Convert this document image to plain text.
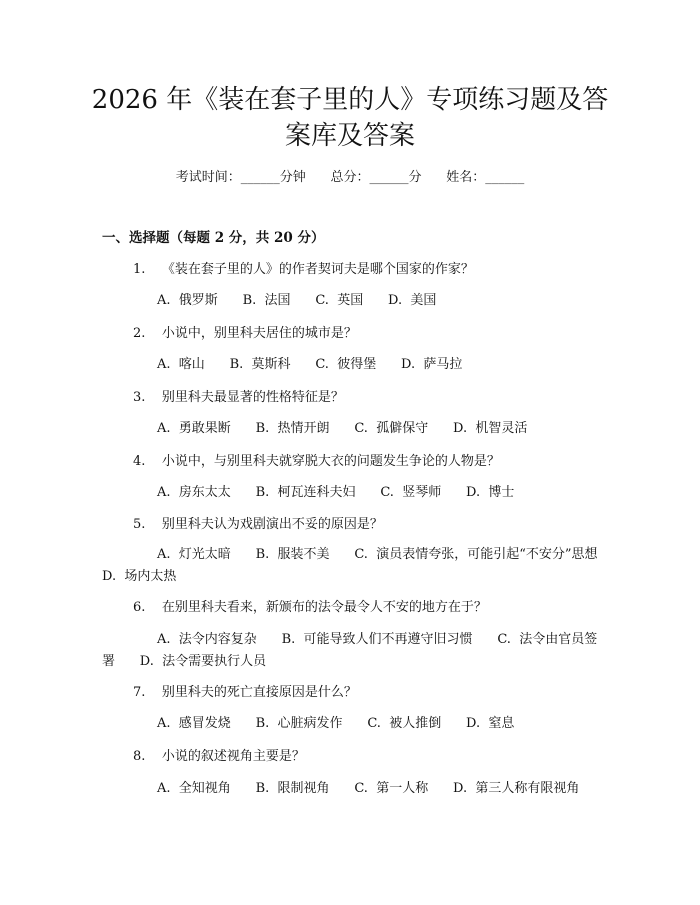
2026 年《装在套子里的人》专项练习题及答
案库及答案
考试时间：______分钟      总分：______分      姓名：______
一、选择题（每题 2 分，共 20 分）
1.    《装在套子里的人》的作者契诃夫是哪个国家的作家？
A.  俄罗斯      B.  法国      C.  英国      D.  美国
2.    小说中，别里科夫居住的城市是？
A.  喀山      B.  莫斯科      C.  彼得堡      D.  萨马拉
3.    别里科夫最显著的性格特征是？
A.  勇敢果断      B.  热情开朗      C.  孤僻保守      D.  机智灵活
4.    小说中，与别里科夫就穿脱大衣的问题发生争论的人物是？
A.  房东太太      B.  柯瓦连科夫妇      C.  竖琴师      D.  博士
5.    别里科夫认为戏剧演出不妥的原因是？
A.  灯光太暗      B.  服装不美      C.  演员表情夸张，可能引起“不安分”思想      D.  场内太热
6.    在别里科夫看来，新颁布的法令最令人不安的地方在于？
A.  法令内容复杂      B.  可能导致人们不再遵守旧习惯      C.  法令由官员签署      D.  法令需要执行人员
7.    别里科夫的死亡直接原因是什么？
A.  感冒发烧      B.  心脏病发作      C.  被人推倒      D.  窒息
8.    小说的叙述视角主要是？
A.  全知视角      B.  限制视角      C.  第一人称      D.  第三人称有限视角
